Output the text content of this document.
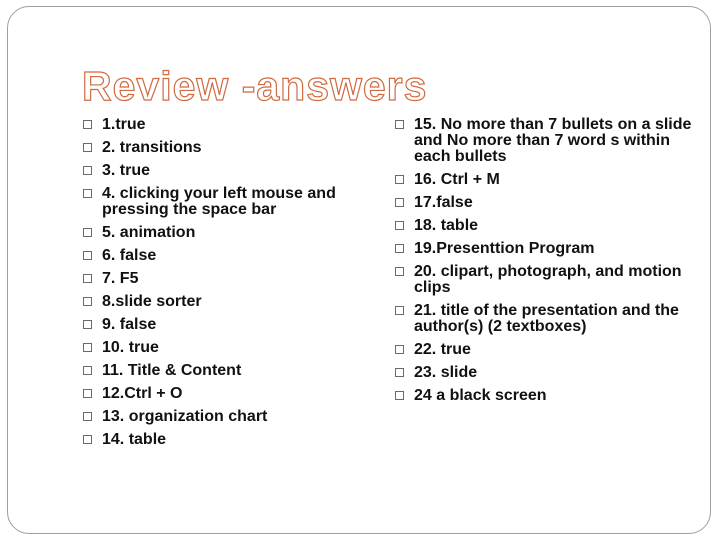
Review -answers
1.true
2. transitions
3. true
4. clicking your left mouse and pressing the space bar
5. animation
6. false
7. F5
8.slide sorter
9. false
10. true
11. Title & Content
12.Ctrl + O
13. organization chart
14. table
15. No more than 7 bullets on a slide and No more than 7 word s within each bullets
16. Ctrl + M
17.false
18. table
19.Presenttion Program
20. clipart, photograph, and motion clips
21. title of the presentation and the author(s) (2 textboxes)
22. true
23. slide
24 a black screen
